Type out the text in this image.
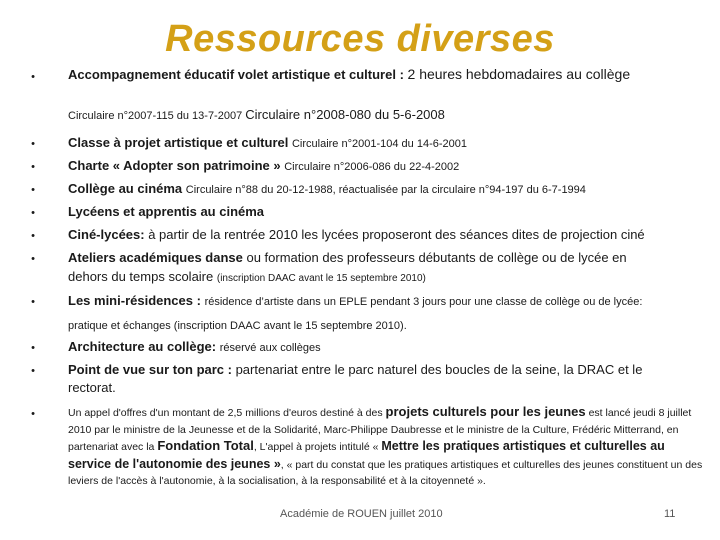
Ressources diverses
•	Accompagnement éducatif volet artistique et culturel : 2 heures hebdomadaires au collège
Circulaire n°2007-115 du 13-7-2007 Circulaire n°2008-080 du 5-6-2008
•	Classe à projet artistique et culturel Circulaire n°2001-104 du 14-6-2001
•	Charte « Adopter son patrimoine » Circulaire n°2006-086 du 22-4-2002
•	Collège au cinéma Circulaire n°88 du 20-12-1988, réactualisée par la circulaire n°94-197 du 6-7-1994
•	Lycéens et apprentis au cinéma
•	Ciné-lycées: à partir de la rentrée 2010 les lycées proposeront des séances dites de projection ciné
•	Ateliers académiques danse ou formation des professeurs débutants de collège ou de lycée en
dehors du temps scolaire (inscription DAAC avant le 15 septembre 2010)
•	Les mini-résidences : résidence d’artiste dans un EPLE pendant 3 jours pour une classe de collège ou de lycée:
pratique et échanges (inscription DAAC avant le 15 septembre 2010).
•	Architecture au collège: réservé aux collèges
•	Point de vue sur ton parc : partenariat entre le parc naturel des boucles de la seine, la DRAC et le
rectorat.
•	Un appel d'offres d'un montant de 2,5 millions d'euros destiné à des projets culturels pour les jeunes est lancé jeudi 8 juillet 2010 par le ministre de la Jeunesse et de la Solidarité, Marc-Philippe Daubresse et le ministre de la Culture, Frédéric Mitterrand, en partenariat avec la Fondation Total, L'appel à projets intitulé « Mettre les pratiques artistiques et culturelles au service de l'autonomie des jeunes », « part du constat que les pratiques artistiques et culturelles des jeunes constituent un des leviers de l'accès à l'autonomie, à la socialisation, à la responsabilité et à la citoyenneté ».
Académie de ROUEN juillet 2010	11
